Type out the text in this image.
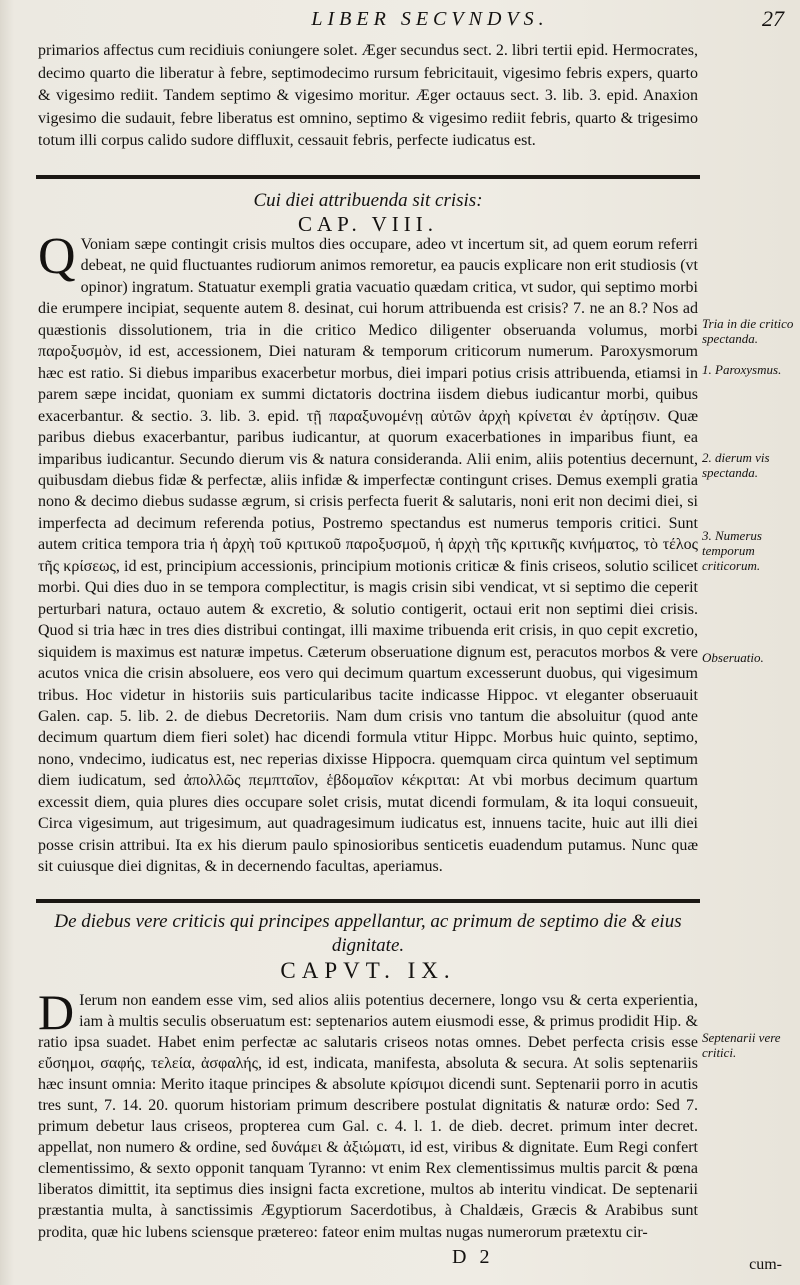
LIBER SECVNDVS.	27

primarios affectus cum recidiuis coniungere solet. Æger secundus sect. 2. libri tertii epid. Hermocrates, decimo quarto die liberatur à febre, septimodecimo rursum febricitauit, vigesimo febris expers, quarto & vigesimo rediit. Tandem septimo & vigesimo moritur. Æger octauus sect. 3. lib. 3. epid. Anaxion vigesimo die sudauit, febre liberatus est omnino, septimo & vigesimo rediit febris, quarto & trigesimo totum illi corpus calido sudore diffluxit, cessauit febris, perfecte iudicatus est.

Cui diei attribuenda sit crisis:
CAP. VIII.

Q Voniam sæpe contingit crisis multos dies occupare, adeo vt incertum sit, ad quem eorum referri debeat, ne quid fluctuantes rudiorum animos remoretur, ea paucis explicare non erit studiosis (vt opinor) ingratum. Statuatur exempli gratia vacuatio quædam critica, vt sudor, qui septimo morbi die erumpere incipiat, sequente autem 8. desinat, cui horum attribuenda est crisis? 7. ne an 8.? Nos ad quæstionis dissolutionem, tria in die critico Medico diligenter obseruanda volumus, morbi παροξυσμὸν, id est, accessionem, Diei naturam & temporum criticorum numerum. Paroxysmorum hæc est ratio. Si diebus imparibus exacerbetur morbus, diei impari potius crisis attribuenda, etiamsi in parem sæpe incidat, quoniam ex summi dictatoris doctrina iisdem diebus iudicantur morbi, quibus exacerbantur. & sectio. 3. lib. 3. epid. τῇ παραξυνομένῃ αὐτῶν ἀρχὴ κρίνεται ἐν ἀρτίῃσιν. Quæ paribus diebus exacerbantur, paribus iudicantur, at quorum exacerbationes in imparibus fiunt, ea imparibus iudicantur. Secundo dierum vis & natura consideranda. Alii enim, aliis potentius decernunt, quibusdam diebus fidæ & perfectæ, aliis infidæ & imperfectæ contingunt crises. Demus exempli gratia nono & decimo diebus sudasse ægrum, si crisis perfecta fuerit & salutaris, noni erit non decimi diei, si imperfecta ad decimum referenda potius, Postremo spectandus est numerus temporis critici. Sunt autem critica tempora tria ἡ ἀρχὴ τοῦ κριτικοῦ παροξυσμοῦ, ἡ ἀρχὴ τῆς κριτικῆς κινήματος, τὸ τέλος τῆς κρίσεως, id est, principium accessionis, principium motionis criticæ & finis criseos, solutio scilicet morbi. Qui dies duo in se tempora complectitur, is magis crisin sibi vendicat, vt si septimo die ceperit perturbari natura, octauo autem & excretio, & solutio contigerit, octaui erit non septimi diei crisis. Quod si tria hæc in tres dies distribui contingat, illi maxime tribuenda erit crisis, in quo cepit excretio, siquidem is maximus est naturæ impetus. Cæterum obseruatione dignum est, peracutos morbos & vere acutos vnica die crisin absoluere, eos vero qui decimum quartum excesserunt duobus, qui vigesimum tribus. Hoc videtur in historiis suis particularibus tacite indicasse Hippoc. vt eleganter obseruauit Galen. cap. 5. lib. 2. de diebus Decretoriis. Nam dum crisis vno tantum die absoluitur (quod ante decimum quartum diem fieri solet) hac dicendi formula vtitur Hippc. Morbus huic quinto, septimo, nono, vndecimo, iudicatus est, nec reperias dixisse Hippocra. quemquam circa quintum vel septimum diem iudicatum, sed ἀπολλῶς πεμπταῖον, ἑβδομαῖον κέκριται: At vbi morbus decimum quartum excessit diem, quia plures dies occupare solet crisis, mutat dicendi formulam, & ita loqui consueuit, Circa vigesimum, aut trigesimum, aut quadragesimum iudicatus est, innuens tacite, huic aut illi diei posse crisin attribui. Ita ex his dierum paulo spinosioribus senticetis euadendum putamus. Nunc quæ sit cuiusque diei dignitas, & in decernendo facultas, aperiamus.

Tria in die critico spectanda.
1. Paroxysmus.
2. dierum vis spectanda.
3. Numerus temporum criticorum.
De diebus vere criticis qui principes appellantur, ac primum de septimo die & eius dignitate.
CAPVT. IX.

D Ierum non eandem esse vim, sed alios aliis potentius decernere, longo vsu & certa experientia, iam à multis seculis obseruatum est: septenarios autem eiusmodi esse, & primus prodidit Hip. & ratio ipsa suadet. Habet enim perfectæ ac salutaris criseos notas omnes. Debet perfecta crisis esse εὔσημοι, σαφής, τελεία, ἀσφαλής, id est, indicata, manifesta, absoluta & secura. At solis septenariis hæc insunt omnia: Merito itaque principes & absolute κρίσιμοι dicendi sunt. Septenarii porro in acutis tres sunt, 7. 14. 20. quorum historiam primum describere postulat dignitatis & naturæ ordo: Sed 7. primum debetur laus criseos, propterea cum Gal. c. 4. l. 1. de dieb. decret. primum inter decret. appellat, non numero & ordine, sed δυνάμει & ἀξιώματι, id est, viribus & dignitate. Eum Regi confert clementissimo, & sexto opponit tanquam Tyranno: vt enim Rex clementissimus multis parcit & pœna liberatos dimittit, ita septimus dies insigni facta excretione, multos ab interitu vindicat. De septenarii præstantia multa, à sanctissimis Ægyptiorum Sacerdotibus, à Chaldæis, Græcis & Arabibus sunt prodita, quæ hic lubens sciensque prætereo: fateor enim multas nugas numerorum prætextu cir-

Septenarii vere critici.
D 2	cum-
Obseruatio.
